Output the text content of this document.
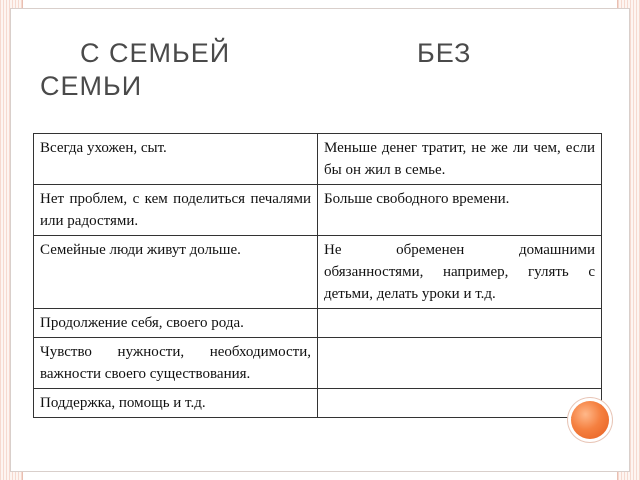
С СЕМЬЕЙ	БЕЗ
СЕМЬИ
Всегда ухожен, сыт.	Меньше денег тратит, не же ли чем, если бы он жил в семье.
Нет проблем, с кем поделиться печалями или радостями.	Больше свободного времени.
Семейные люди живут дольше.	Не обременен домашними обязанностями, например, гулять с детьми, делать уроки и т.д.
Продолжение себя, своего рода.	
Чувство нужности, необходимости, важности своего существования.	
Поддержка, помощь и т.д.	
